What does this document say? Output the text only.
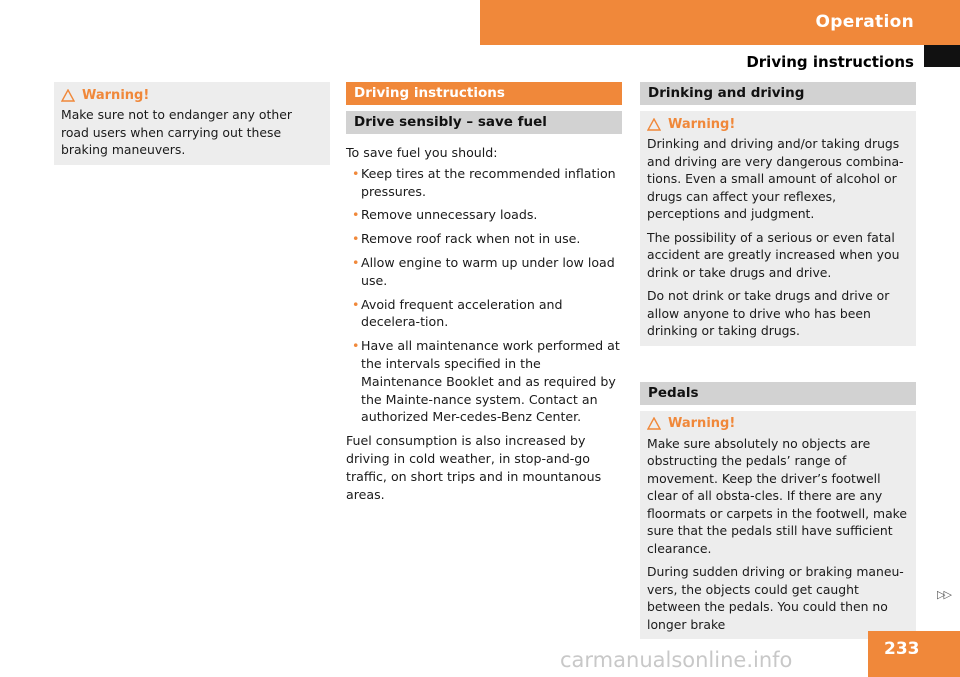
Operation
Driving instructions
Warning!

Make sure not to endanger any other road users when carrying out these braking maneuvers.

Driving instructions
Drive sensibly – save fuel

To save fuel you should:

• Keep tires at the recommended inflation pressures.
• Remove unnecessary loads.
• Remove roof rack when not in use.
• Allow engine to warm up under low load use.
• Avoid frequent acceleration and decelera-tion.
• Have all maintenance work performed at the intervals specified in the Maintenance Booklet and as required by the Mainte-nance system. Contact an authorized Mer-cedes-Benz Center.

Fuel consumption is also increased by driving in cold weather, in stop-and-go traffic, on short trips and in mountanous areas.

Drinking and driving
Warning!

Drinking and driving and/or taking drugs and driving are very dangerous combina-tions. Even a small amount of alcohol or drugs can affect your reflexes, perceptions and judgment.

The possibility of a serious or even fatal accident are greatly increased when you drink or take drugs and drive.

Do not drink or take drugs and drive or allow anyone to drive who has been drinking or taking drugs.

Pedals
Warning!

Make sure absolutely no objects are obstructing the pedals’ range of movement. Keep the driver’s footwell clear of all obsta-cles. If there are any floormats or carpets in the footwell, make sure that the pedals still have sufficient clearance.

During sudden driving or braking maneu-vers, the objects could get caught between the pedals. You could then no longer brake

▷▷
233
carmanualsonline.info
